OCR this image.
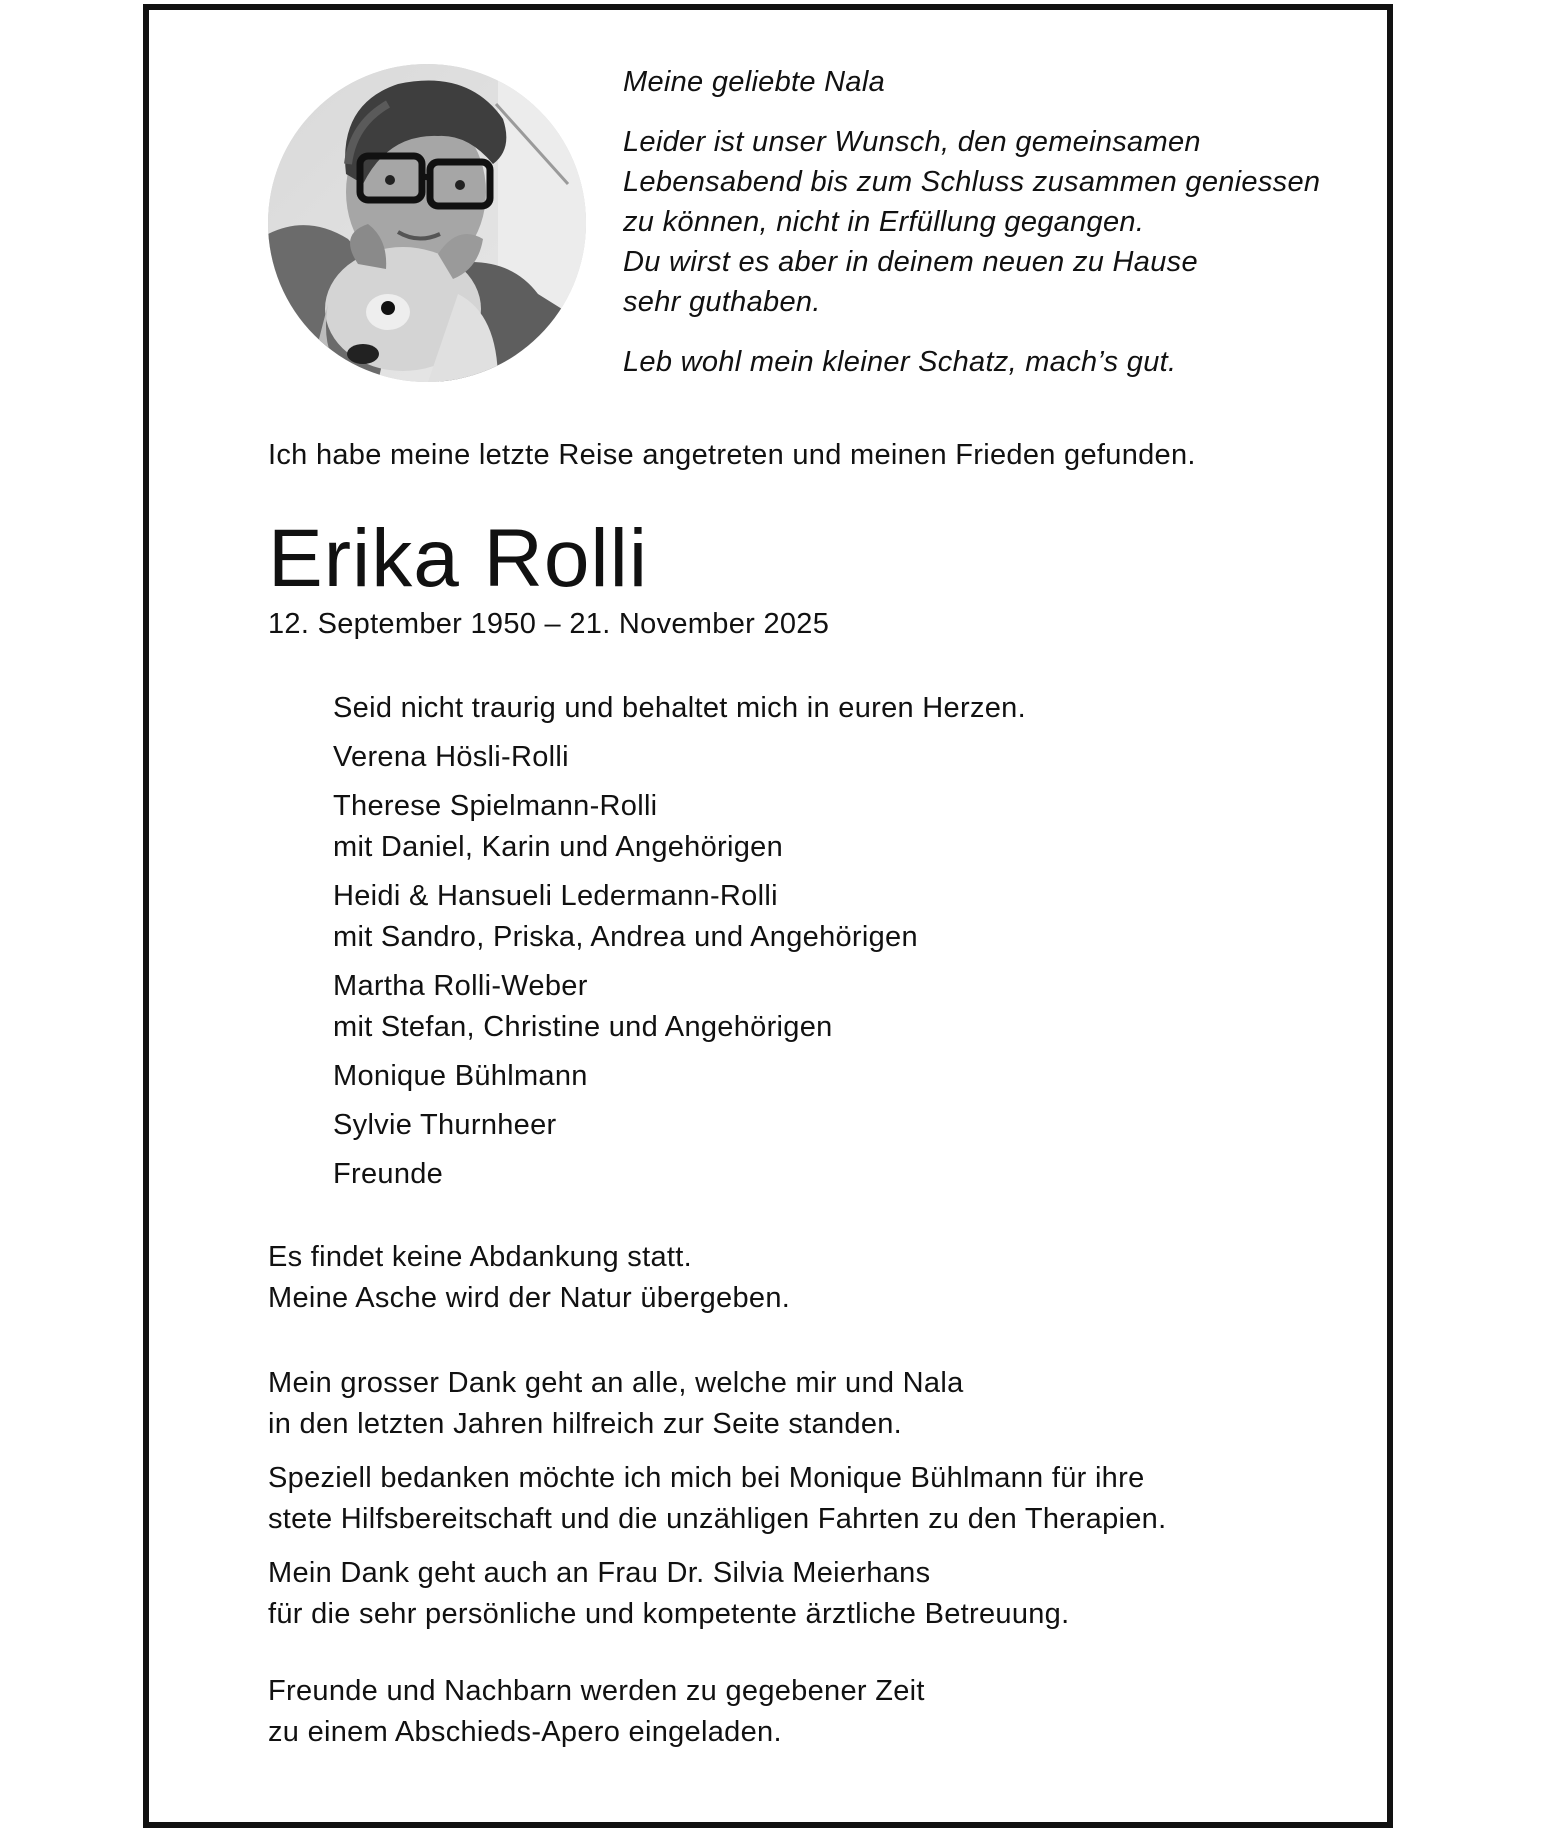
Meine geliebte Nala
Leider ist unser Wunsch, den gemeinsamen
Lebensabend bis zum Schluss zusammen geniessen
zu können, nicht in Erfüllung gegangen.
Du wirst es aber in deinem neuen zu Hause
sehr guthaben.
Leb wohl mein kleiner Schatz, mach’s gut.
Ich habe meine letzte Reise angetreten und meinen Frieden gefunden.
Erika Rolli
12. September 1950 – 21. November 2025
Seid nicht traurig und behaltet mich in euren Herzen.
Verena Hösli-Rolli
Therese Spielmann-Rolli
mit Daniel, Karin und Angehörigen
Heidi & Hansueli Ledermann-Rolli
mit Sandro, Priska, Andrea und Angehörigen
Martha Rolli-Weber
mit Stefan, Christine und Angehörigen
Monique Bühlmann
Sylvie Thurnheer
Freunde
Es findet keine Abdankung statt.
Meine Asche wird der Natur übergeben.
Mein grosser Dank geht an alle, welche mir und Nala
in den letzten Jahren hilfreich zur Seite standen.
Speziell bedanken möchte ich mich bei Monique Bühlmann für ihre
stete Hilfsbereitschaft und die unzähligen Fahrten zu den Therapien.
Mein Dank geht auch an Frau Dr. Silvia Meierhans
für die sehr persönliche und kompetente ärztliche Betreuung.
Freunde und Nachbarn werden zu gegebener Zeit
zu einem Abschieds-Apero eingeladen.
